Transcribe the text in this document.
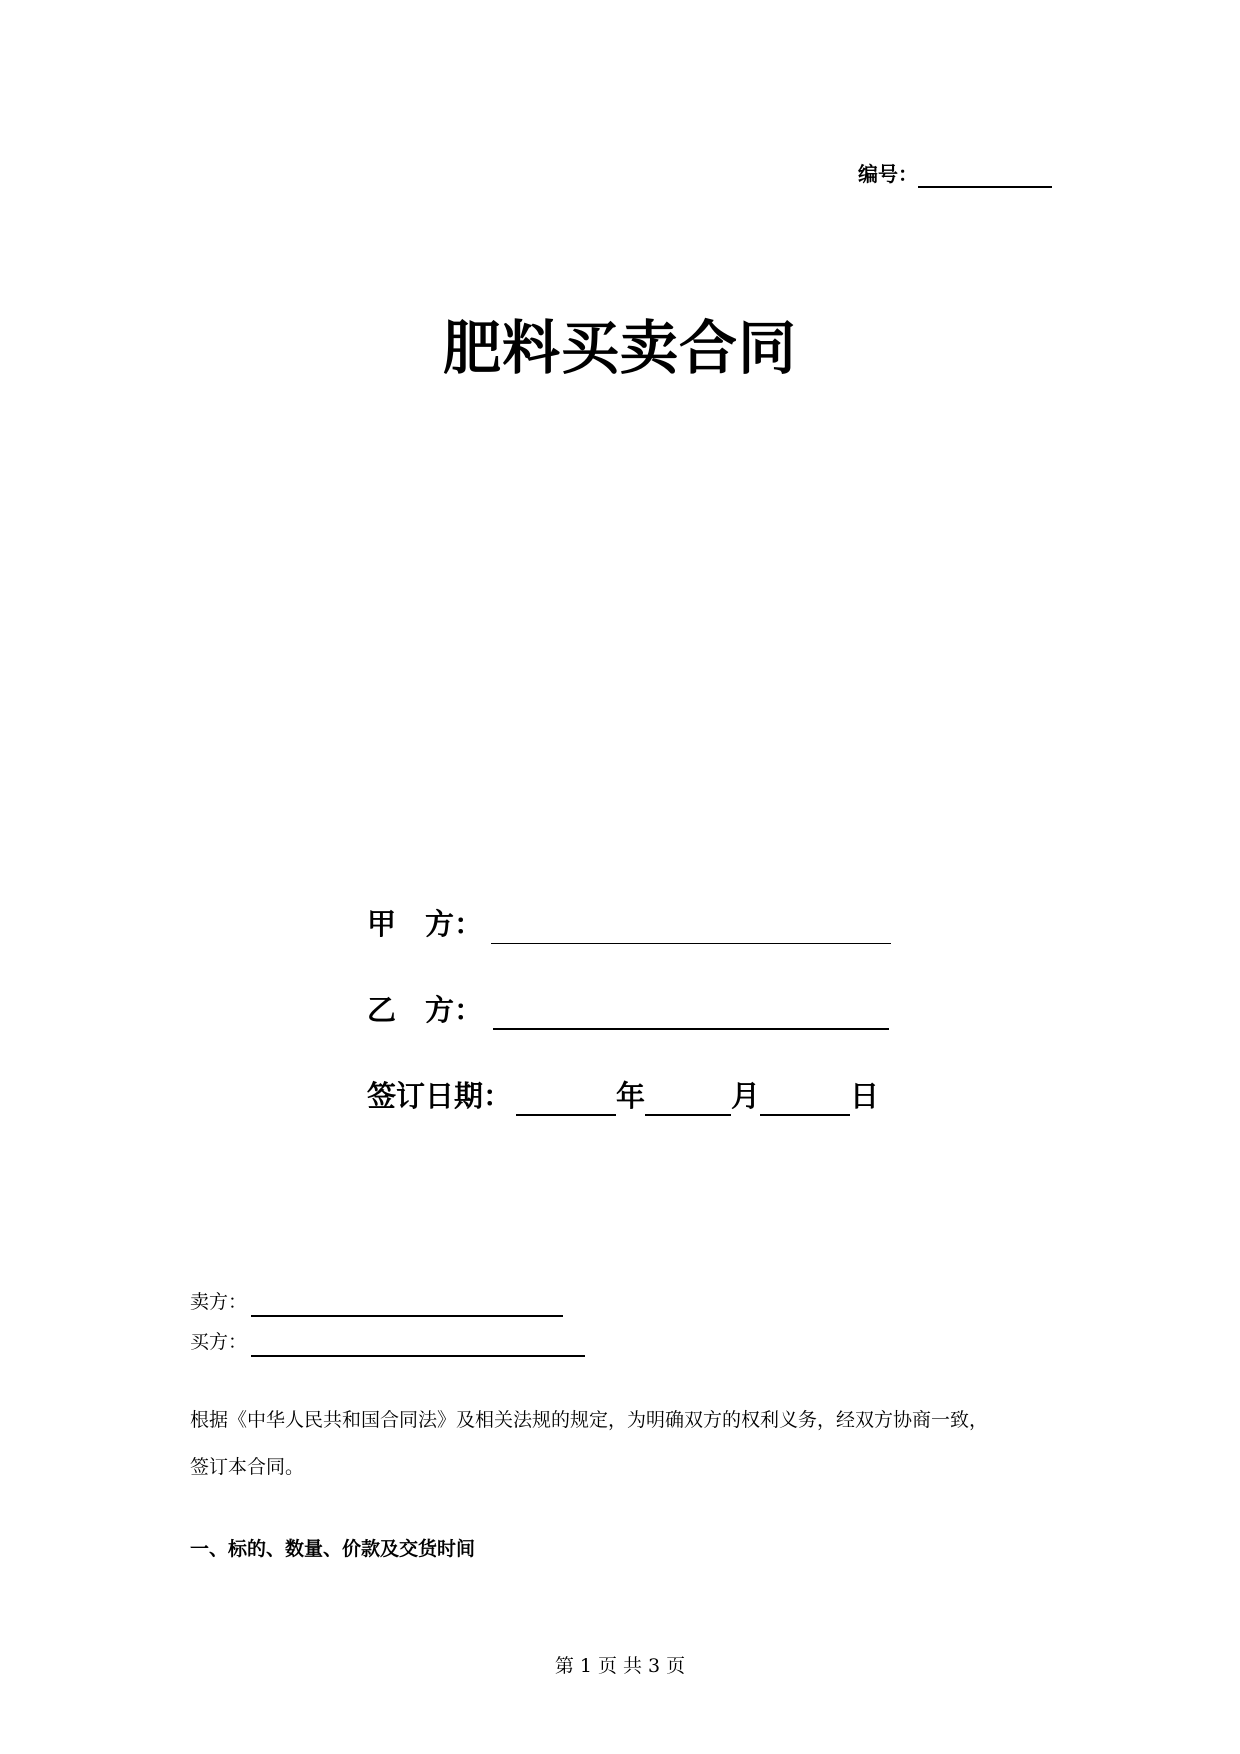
编号：
肥料买卖合同
甲　方：
乙　方：
签订日期：	年	月	日
卖方：
买方：
根据《中华人民共和国合同法》及相关法规的规定，为明确双方的权利义务，经双方协商一致，
签订本合同。
一、标的、数量、价款及交货时间
第 1 页 共 3 页
